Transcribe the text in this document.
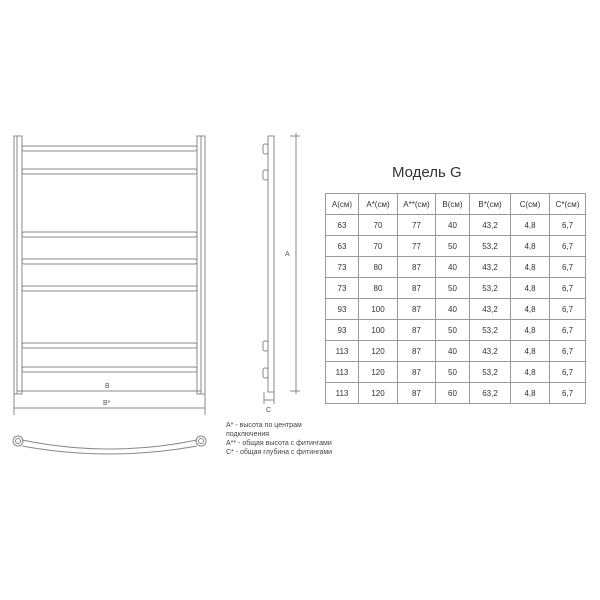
B
B*
A
C
Модель G
A(см)	A*(см)	A**(см)	B(см)	B*(см)	C(см)	C*(см)
63	70	77	40	43,2	4,8	6,7
63	70	77	50	53,2	4,8	6,7
73	80	87	40	43,2	4,8	6,7
73	80	87	50	53,2	4,8	6,7
93	100	87	40	43,2	4,8	6,7
93	100	87	50	53,2	4,8	6,7
113	120	87	40	43,2	4,8	6,7
113	120	87	50	53,2	4,8	6,7
113	120	87	60	63,2	4,8	6,7

A* - высота по центрам подключения

A** - общая высота с фитингами

C* - общая глубина с фитингами
